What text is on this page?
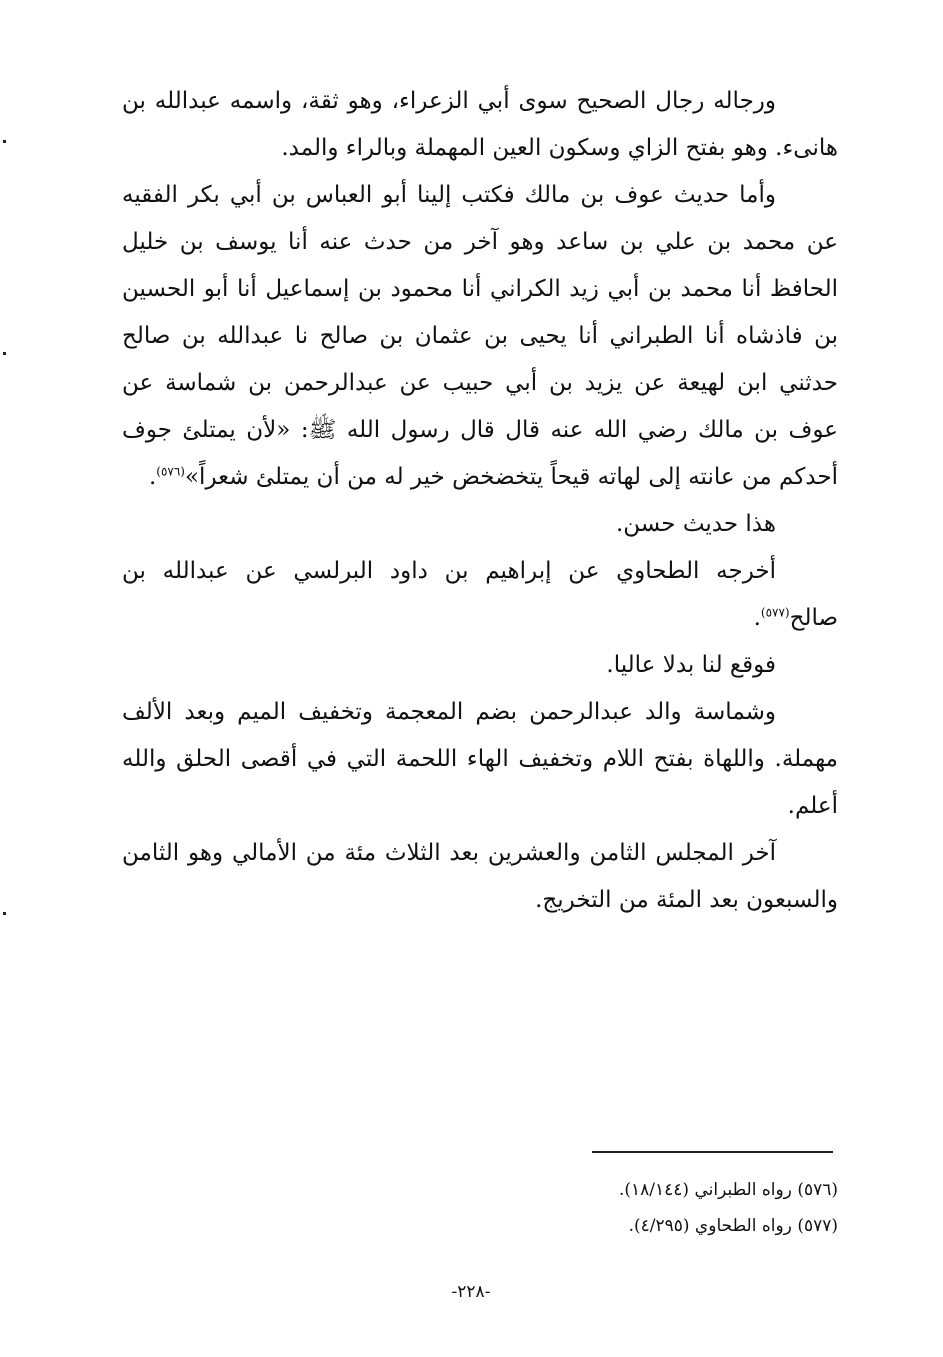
ورجاله رجال الصحيح سوى أبي الزعراء، وهو ثقة، واسمه عبدالله بن هانىء. وهو بفتح الزاي وسكون العين المهملة وبالراء والمد.

وأما حديث عوف بن مالك فكتب إلينا أبو العباس بن أبي بكر الفقيه عن محمد بن علي بن ساعد وهو آخر من حدث عنه أنا يوسف بن خليل الحافظ أنا محمد بن أبي زيد الكراني أنا محمود بن إسماعيل أنا أبو الحسين بن فاذشاه أنا الطبراني أنا يحيى بن عثمان بن صالح نا عبدالله بن صالح حدثني ابن لهيعة عن يزيد بن أبي حبيب عن عبدالرحمن بن شماسة عن عوف بن مالك رضي الله عنه قال قال رسول الله ﷺ: «لأن يمتلئ جوف أحدكم من عانته إلى لهاته قيحاً يتخضخض خير له من أن يمتلئ شعراً»$^{(٥٧٦)}$.

هذا حديث حسن.

أخرجه الطحاوي عن إبراهيم بن داود البرلسي عن عبدالله بن صالح$^{(٥٧٧)}$.

فوقع لنا بدلا عاليا.

وشماسة والد عبدالرحمن بضم المعجمة وتخفيف الميم وبعد الألف مهملة. واللهاة بفتح اللام وتخفيف الهاء اللحمة التي في أقصى الحلق والله أعلم.

آخر المجلس الثامن والعشرين بعد الثلاث مئة من الأمالي وهو الثامن والسبعون بعد المئة من التخريج.

(٥٧٦) رواه الطبراني (١٨/١٤٤).
(٥٧٧) رواه الطحاوي (٤/٢٩٥).
-٢٢٨-
